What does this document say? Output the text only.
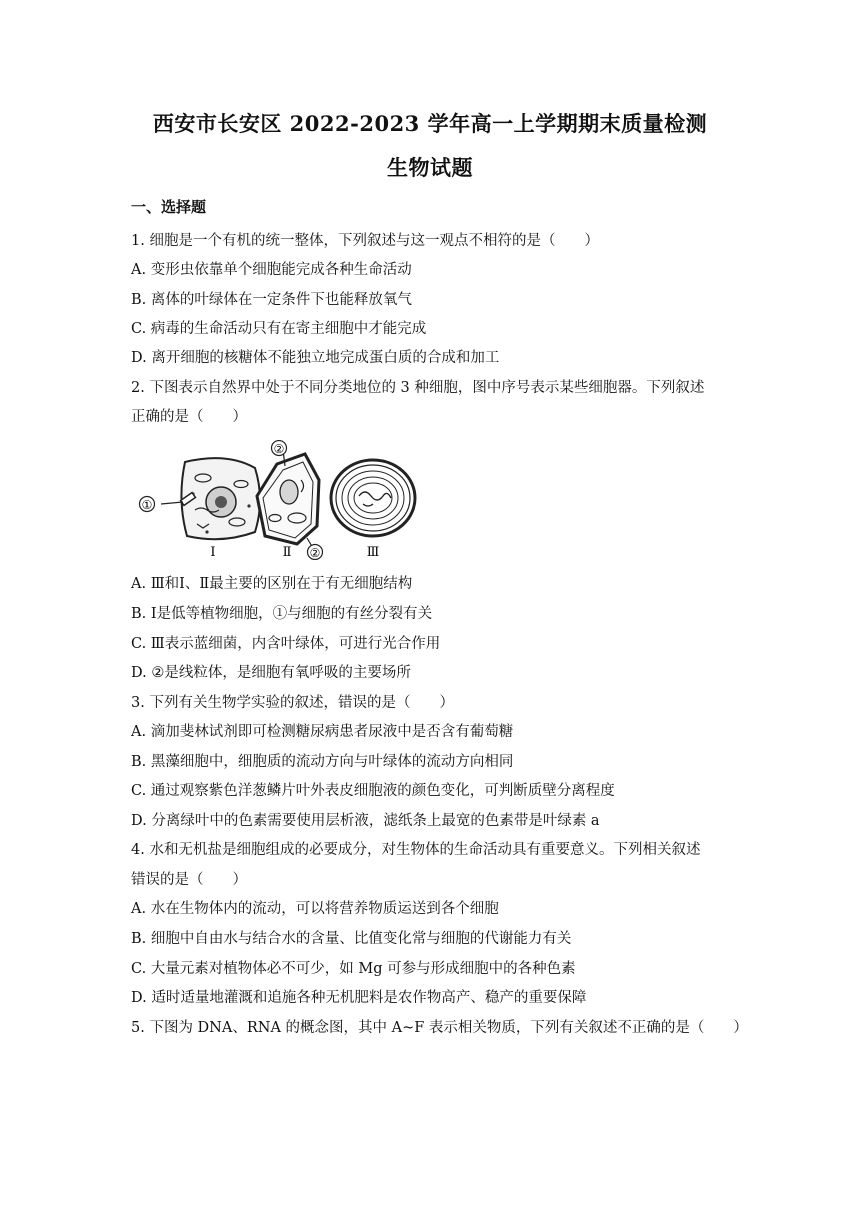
西安市长安区 2022-2023 学年高一上学期期末质量检测
生物试题
一、选择题
1. 细胞是一个有机的统一整体，下列叙述与这一观点不相符的是（　　）
A. 变形虫依靠单个细胞能完成各种生命活动
B. 离体的叶绿体在一定条件下也能释放氧气
C. 病毒的生命活动只有在寄主细胞中才能完成
D. 离开细胞的核糖体不能独立地完成蛋白质的合成和加工
2. 下图表示自然界中处于不同分类地位的 3 种细胞，图中序号表示某些细胞器。下列叙述
正确的是（　　）
①
Ⅰ
②
②
Ⅱ	Ⅲ
A. Ⅲ和Ⅰ、Ⅱ最主要的区别在于有无细胞结构
B. Ⅰ是低等植物细胞，①与细胞的有丝分裂有关
C. Ⅲ表示蓝细菌，内含叶绿体，可进行光合作用
D. ②是线粒体，是细胞有氧呼吸的主要场所
3. 下列有关生物学实验的叙述，错误的是（　　）
A. 滴加斐林试剂即可检测糖尿病患者尿液中是否含有葡萄糖
B. 黑藻细胞中，细胞质的流动方向与叶绿体的流动方向相同
C. 通过观察紫色洋葱鳞片叶外表皮细胞液的颜色变化，可判断质壁分离程度
D. 分离绿叶中的色素需要使用层析液，滤纸条上最宽的色素带是叶绿素 a
4. 水和无机盐是细胞组成的必要成分，对生物体的生命活动具有重要意义。下列相关叙述
错误的是（　　）
A. 水在生物体内的流动，可以将营养物质运送到各个细胞
B. 细胞中自由水与结合水的含量、比值变化常与细胞的代谢能力有关
C. 大量元素对植物体必不可少，如 Mg 可参与形成细胞中的各种色素
D. 适时适量地灌溉和追施各种无机肥料是农作物高产、稳产的重要保障
5. 下图为 DNA、RNA 的概念图，其中 A~F 表示相关物质，下列有关叙述不正确的是（　　）
